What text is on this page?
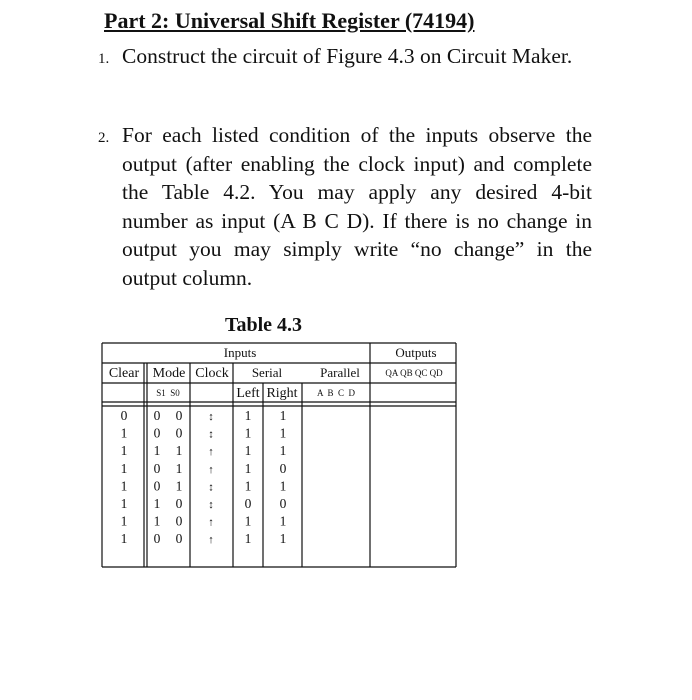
Part 2: Universal Shift Register (74194)
1. Construct the circuit of Figure 4.3 on Circuit Maker.
2. For each listed condition of the inputs observe the output (after enabling the clock input) and complete the Table 4.2. You may apply any desired 4-bit number as input (A B C D). If there is no change in output you may simply write “no change” in the output column.
Table 4.3
Inputs	Outputs
Clear Mode Clock Serial	Parallel	QA QB QC QD
S1  S0	Left Right A  B  C  D
0 0 0 ↕ 1 1
1 0 0 ↕ 1 1
1 1 1 ↑ 1 1
1 0 1 ↑ 1 0
1 0 1 ↕ 1 1
1 1 0 ↕ 0 0
1 1 0 ↑ 1 1
1 0 0 ↑ 1 1
